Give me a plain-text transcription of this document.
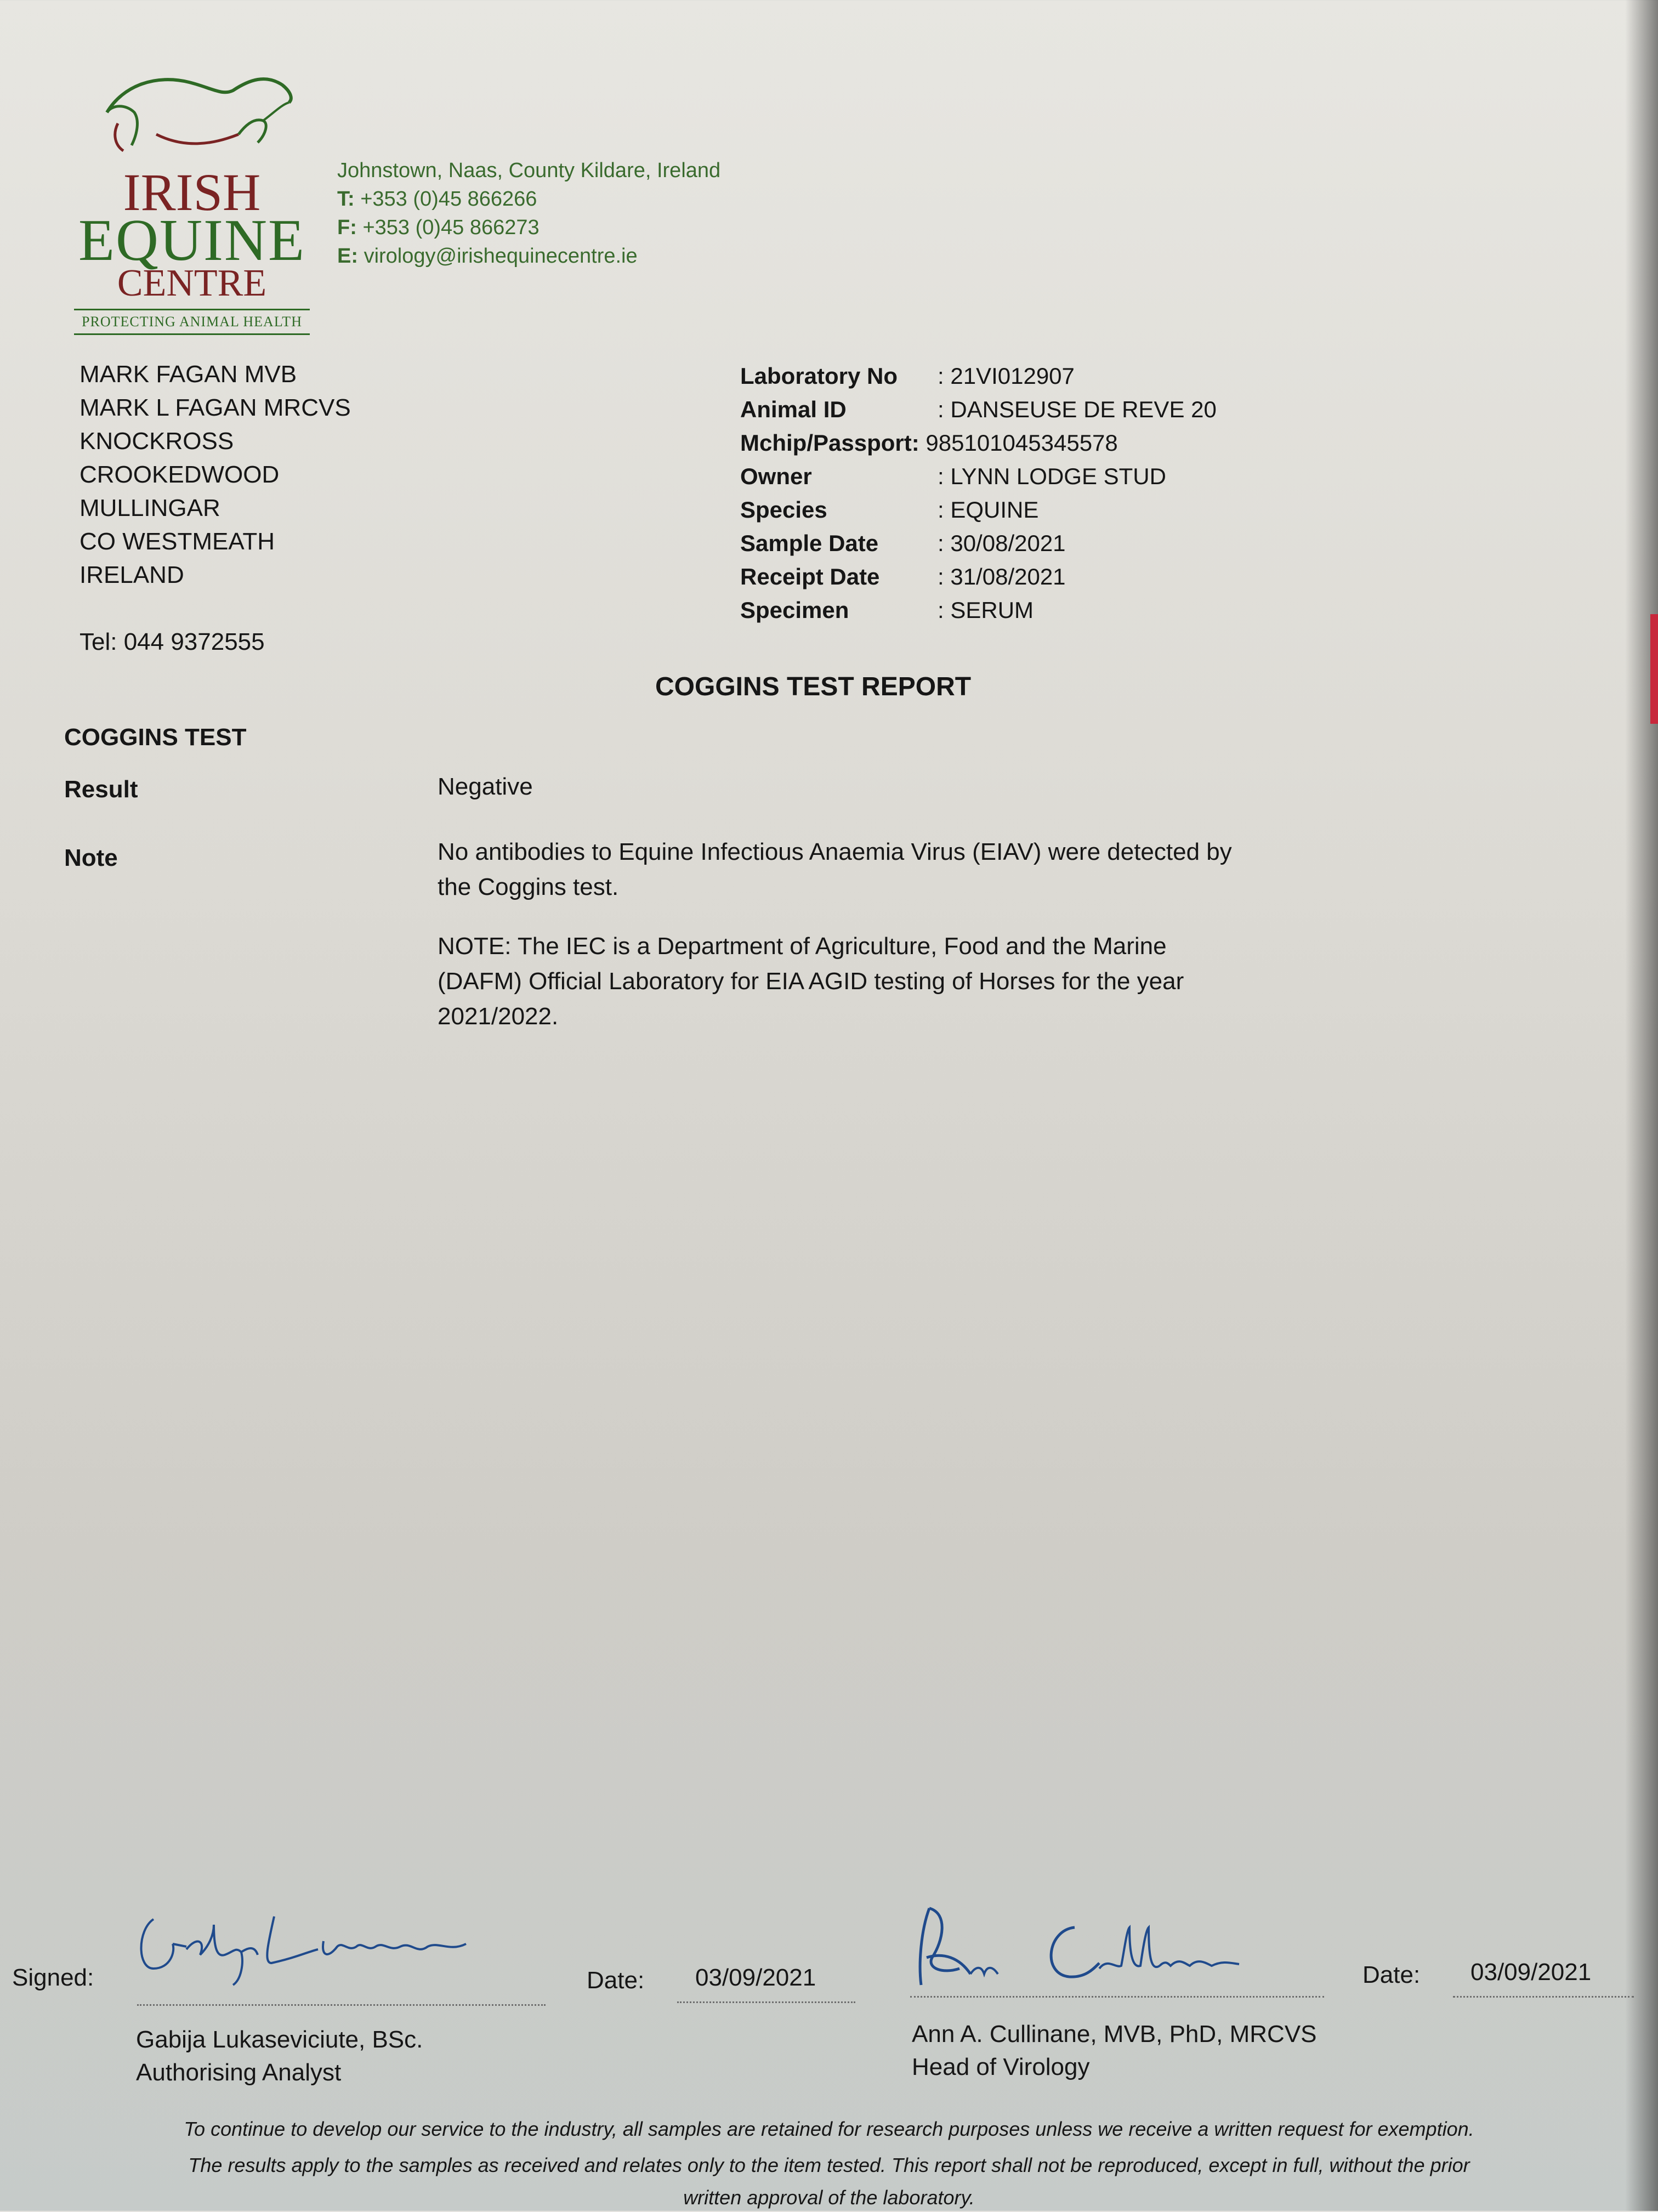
IRISH
EQUINE
CENTRE
PROTECTING ANIMAL HEALTH
Johnstown, Naas, County Kildare, Ireland
T: +353 (0)45 866266
F: +353 (0)45 866273
E: virology@irishequinecentre.ie
MARK FAGAN MVB
MARK L FAGAN MRCVS
KNOCKROSS
CROOKEDWOOD
MULLINGAR
CO WESTMEATH
IRELAND
Tel: 044 9372555
Laboratory No : 21VI012907
Animal ID	: DANSEUSE DE REVE 20
Mchip/Passport: 985101045345578
Owner	: LYNN LODGE STUD
Species	: EQUINE
Sample Date	: 30/08/2021
Receipt Date	: 31/08/2021
Specimen	: SERUM
COGGINS TEST REPORT
COGGINS TEST
Result	Negative
Note	No antibodies to Equine Infectious Anaemia Virus (EIAV) were detected by
the Coggins test.
NOTE: The IEC is a Department of Agriculture, Food and the Marine
(DAFM) Official Laboratory for EIA AGID testing of Horses for the year
2021/2022.
Signed:	Date: 03/09/2021
Gabija Lukaseviciute, BSc.
Authorising Analyst
Date: 03/09/2021
Ann A. Cullinane, MVB, PhD, MRCVS
Head of Virology
To continue to develop our service to the industry, all samples are retained for research purposes unless we receive a written request for exemption.
The results apply to the samples as received and relates only to the item tested. This report shall not be reproduced, except in full, without the prior
written approval of the laboratory.
